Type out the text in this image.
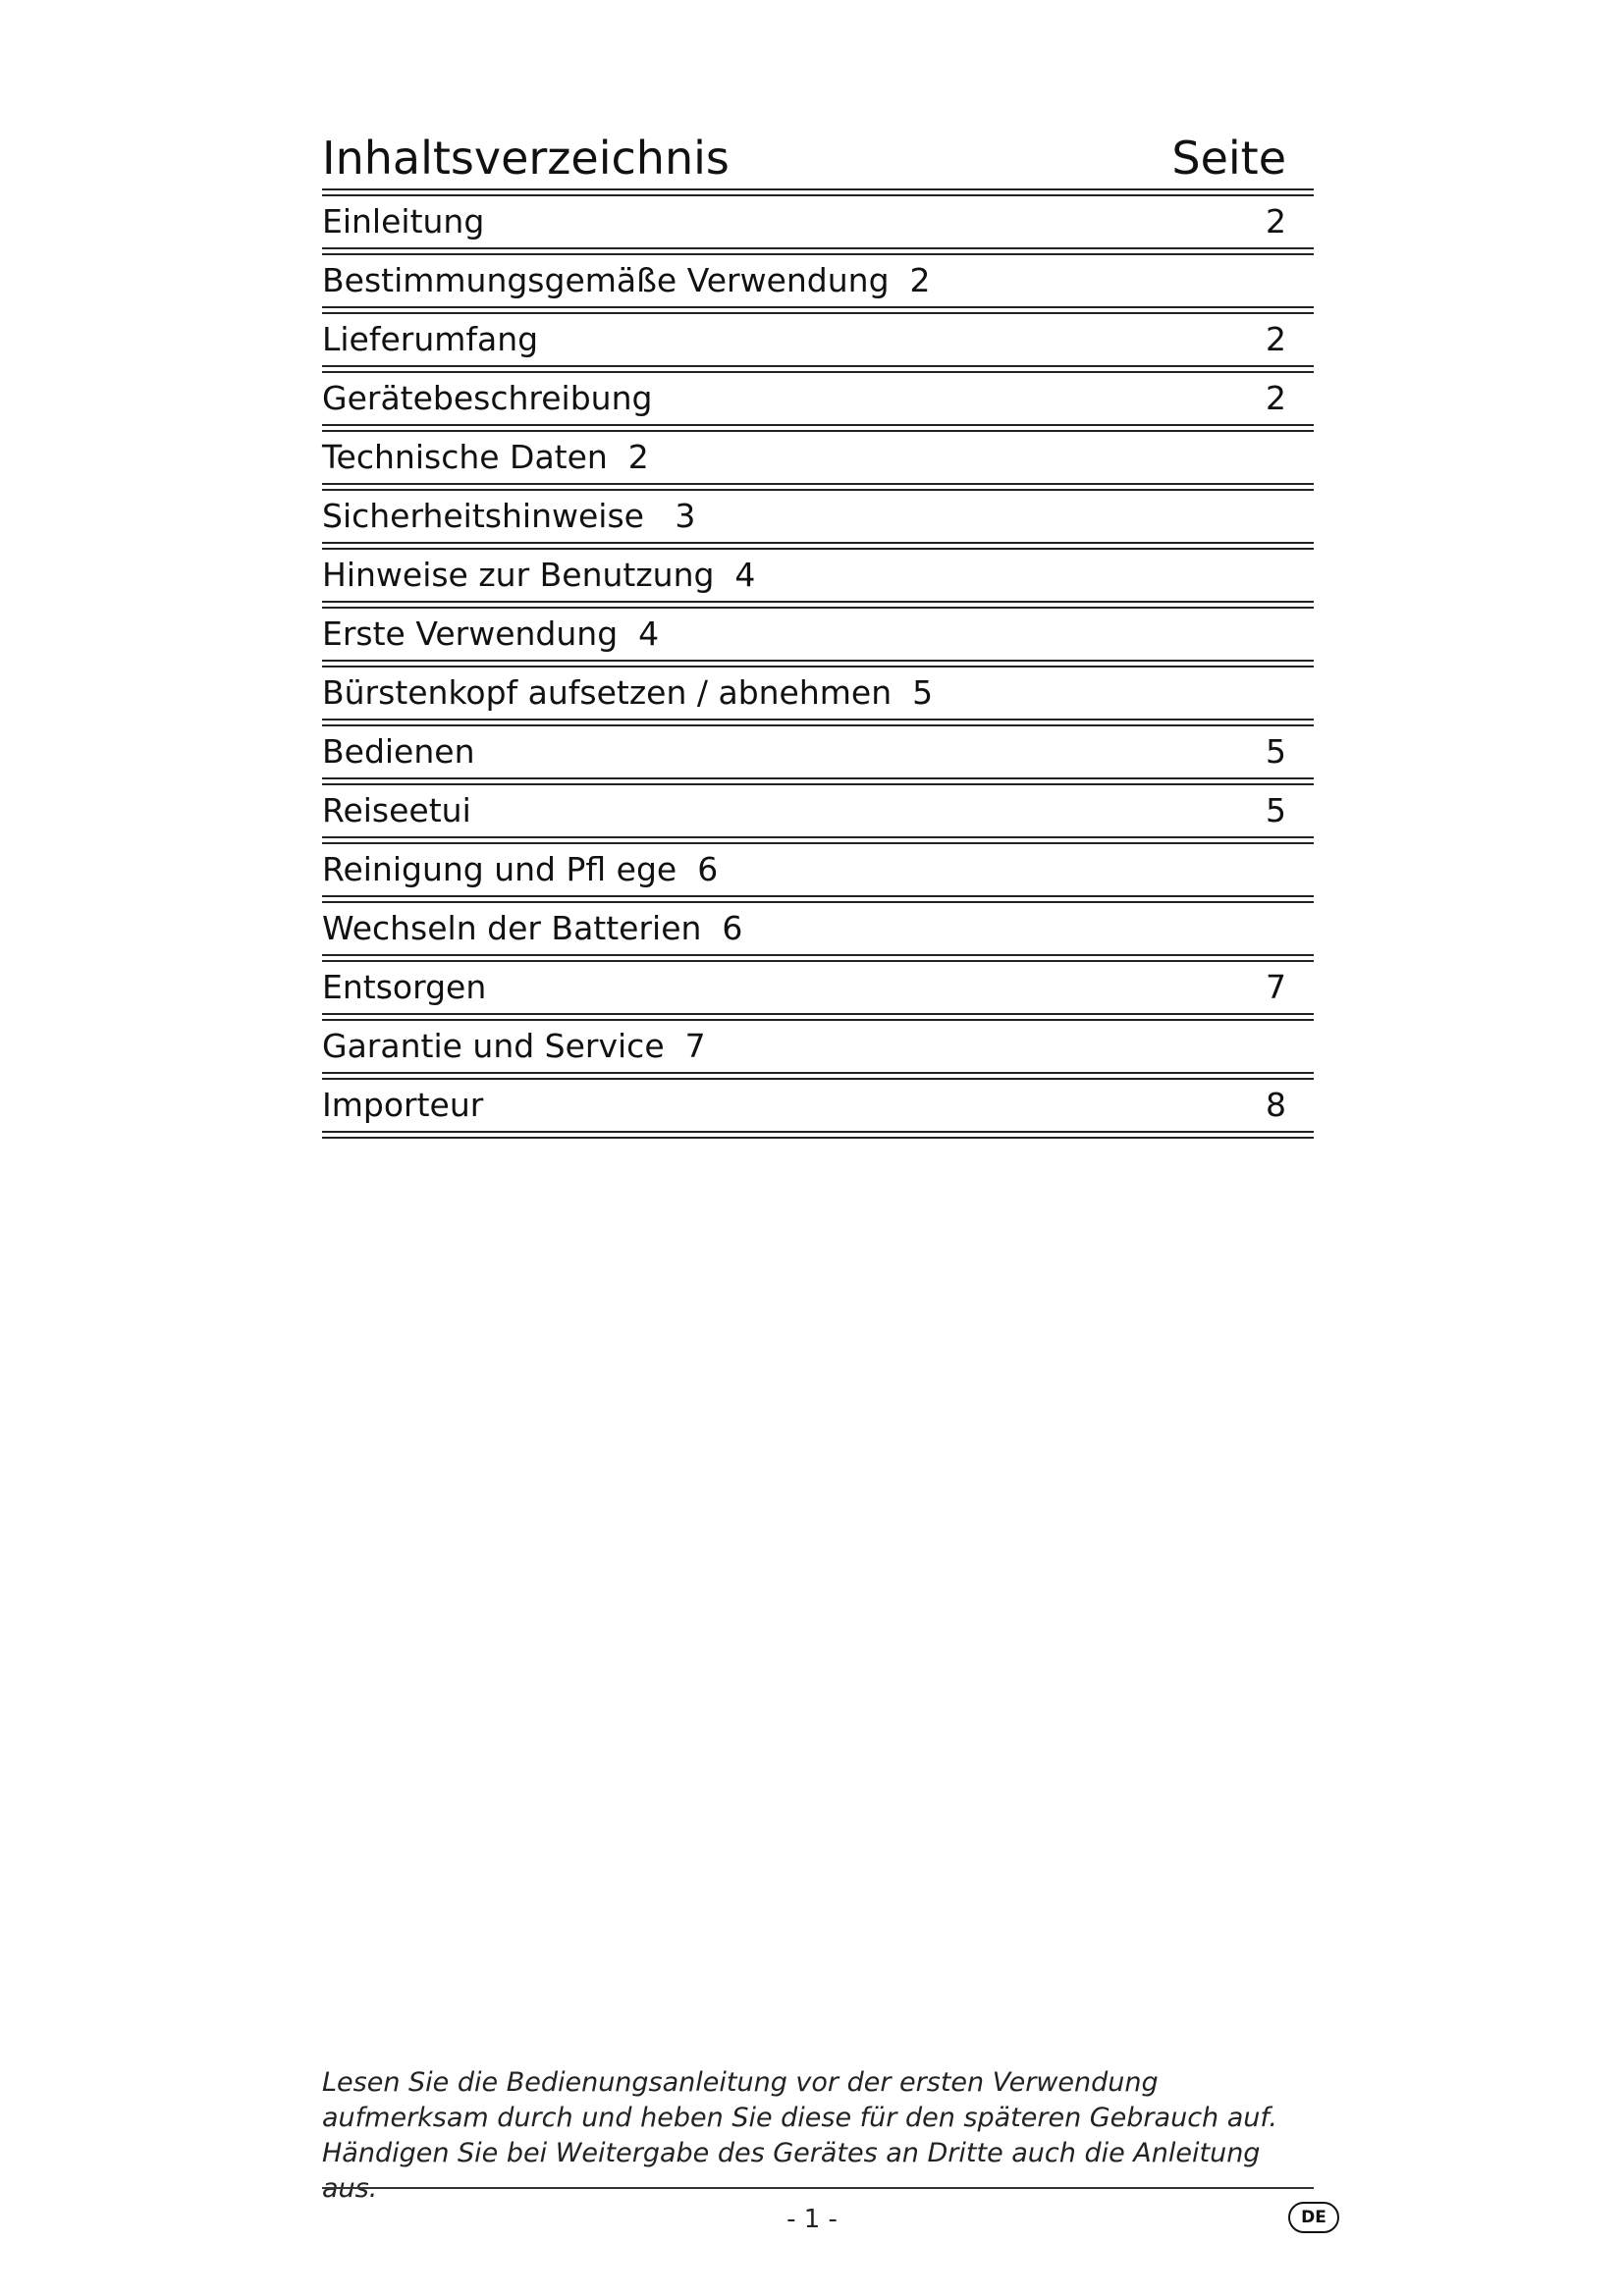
Inhaltsverzeichnis	Seite
Einleitung	2
Bestimmungsgemäße Verwendung  2
Lieferumfang	2
Gerätebeschreibung	2
Technische Daten  2
Sicherheitshinweise   3
Hinweise zur Benutzung  4
Erste Verwendung  4
Bürstenkopf aufsetzen / abnehmen  5
Bedienen	5
Reiseetui	5
Reinigung und Pfl ege  6
Wechseln der Batterien  6
Entsorgen	7
Garantie und Service  7
Importeur	8
Lesen Sie die Bedienungsanleitung vor der ersten Verwendung aufmerksam durch und heben Sie diese für den späteren Gebrauch auf. Händigen Sie bei Weitergabe des Gerätes an Dritte auch die Anleitung aus.
- 1 -	DE
